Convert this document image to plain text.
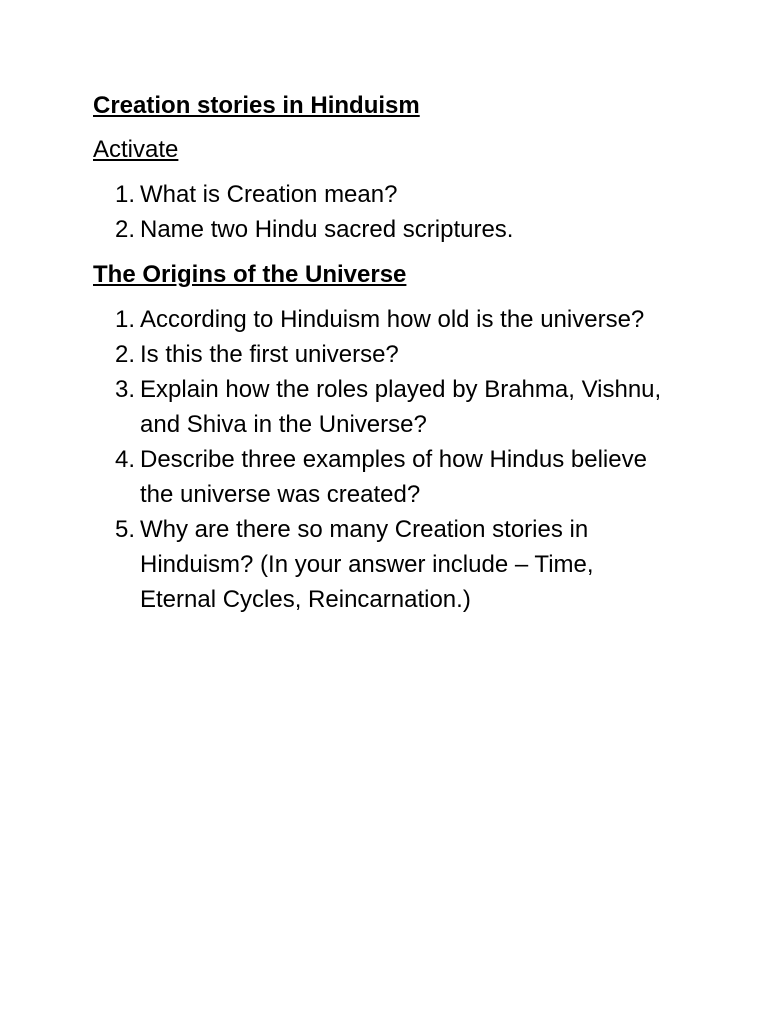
Creation stories in Hinduism
Activate
1. What is Creation mean?
2. Name two Hindu sacred scriptures.
The Origins of the Universe
1. According to Hinduism how old is the universe?
2. Is this the first universe?
3. Explain how the roles played by Brahma, Vishnu, and Shiva in the Universe?
4. Describe three examples of how Hindus believe the universe was created?
5. Why are there so many Creation stories in Hinduism? (In your answer include – Time, Eternal Cycles, Reincarnation.)
